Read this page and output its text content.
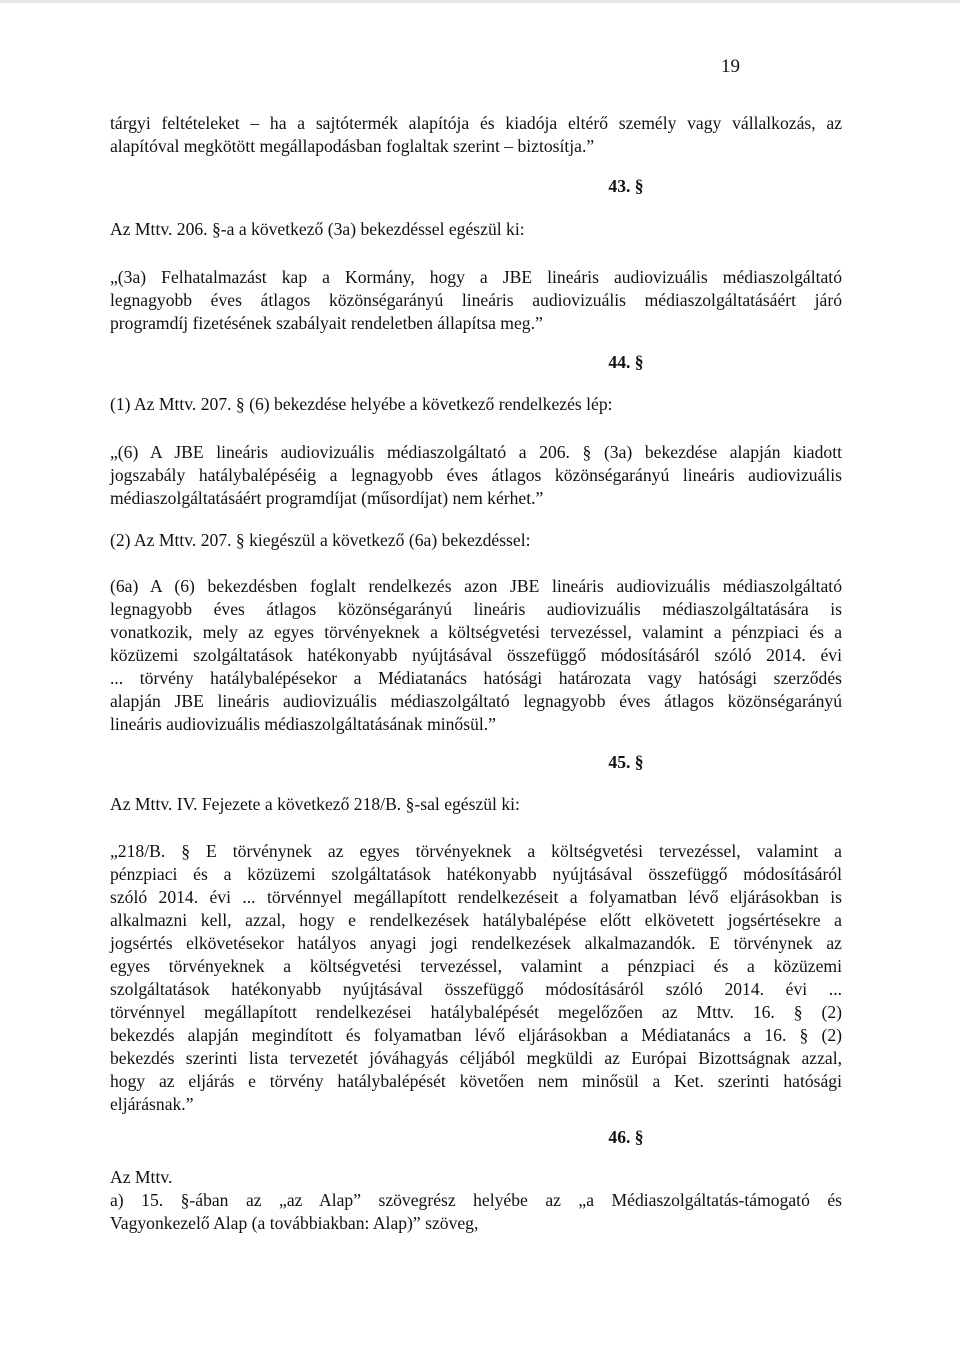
19

tárgyi feltételeket – ha a sajtótermék alapítója és kiadója eltérő személy vagy vállalkozás, az

alapítóval megkötött megállapodásban foglaltak szerint – biztosítja.”

43. §

Az Mttv. 206. §-a a következő (3a) bekezdéssel egészül ki:

„(3a) Felhatalmazást kap a Kormány, hogy a JBE lineáris audiovizuális médiaszolgáltató

legnagyobb éves átlagos közönségarányú lineáris audiovizuális médiaszolgáltatásáért járó

programdíj fizetésének szabályait rendeletben állapítsa meg.”

44. §

(1) Az Mttv. 207. § (6) bekezdése helyébe a következő rendelkezés lép:

„(6) A JBE lineáris audiovizuális médiaszolgáltató a 206. § (3a) bekezdése alapján kiadott

jogszabály hatálybalépéséig a legnagyobb éves átlagos közönségarányú lineáris audiovizuális

médiaszolgáltatásáért programdíjat (műsordíjat) nem kérhet.”

(2) Az Mttv. 207. § kiegészül a következő (6a) bekezdéssel:

(6a) A (6) bekezdésben foglalt rendelkezés azon JBE lineáris audiovizuális médiaszolgáltató

legnagyobb éves átlagos közönségarányú lineáris audiovizuális médiaszolgáltatására is

vonatkozik, mely az egyes törvényeknek a költségvetési tervezéssel, valamint a pénzpiaci és a

közüzemi szolgáltatások hatékonyabb nyújtásával összefüggő módosításáról szóló 2014. évi

... törvény hatálybalépésekor a Médiatanács hatósági határozata vagy hatósági szerződés

alapján JBE lineáris audiovizuális médiaszolgáltató legnagyobb éves átlagos közönségarányú

lineáris audiovizuális médiaszolgáltatásának minősül.”

45. §

Az Mttv. IV. Fejezete a következő 218/B. §-sal egészül ki:

„218/B. § E törvénynek az egyes törvényeknek a költségvetési tervezéssel, valamint a

pénzpiaci és a közüzemi szolgáltatások hatékonyabb nyújtásával összefüggő módosításáról

szóló 2014. évi ... törvénnyel megállapított rendelkezéseit a folyamatban lévő eljárásokban is

alkalmazni kell, azzal, hogy e rendelkezések hatálybalépése előtt elkövetett jogsértésekre a

jogsértés elkövetésekor hatályos anyagi jogi rendelkezések alkalmazandók. E törvénynek az

egyes törvényeknek a költségvetési tervezéssel, valamint a pénzpiaci és a közüzemi

szolgáltatások hatékonyabb nyújtásával összefüggő módosításáról szóló 2014. évi ...

törvénnyel megállapított rendelkezései hatálybalépését megelőzően az Mttv. 16. § (2)

bekezdés alapján megindított és folyamatban lévő eljárásokban a Médiatanács a 16. § (2)

bekezdés szerinti lista tervezetét jóváhagyás céljából megküldi az Európai Bizottságnak azzal,

hogy az eljárás e törvény hatálybalépését követően nem minősül a Ket. szerinti hatósági

eljárásnak.”

46. §

Az Mttv.

a) 15. §-ában az „az Alap” szövegrész helyébe az „a Médiaszolgáltatás-támogató és

Vagyonkezelő Alap (a továbbiakban: Alap)” szöveg,
